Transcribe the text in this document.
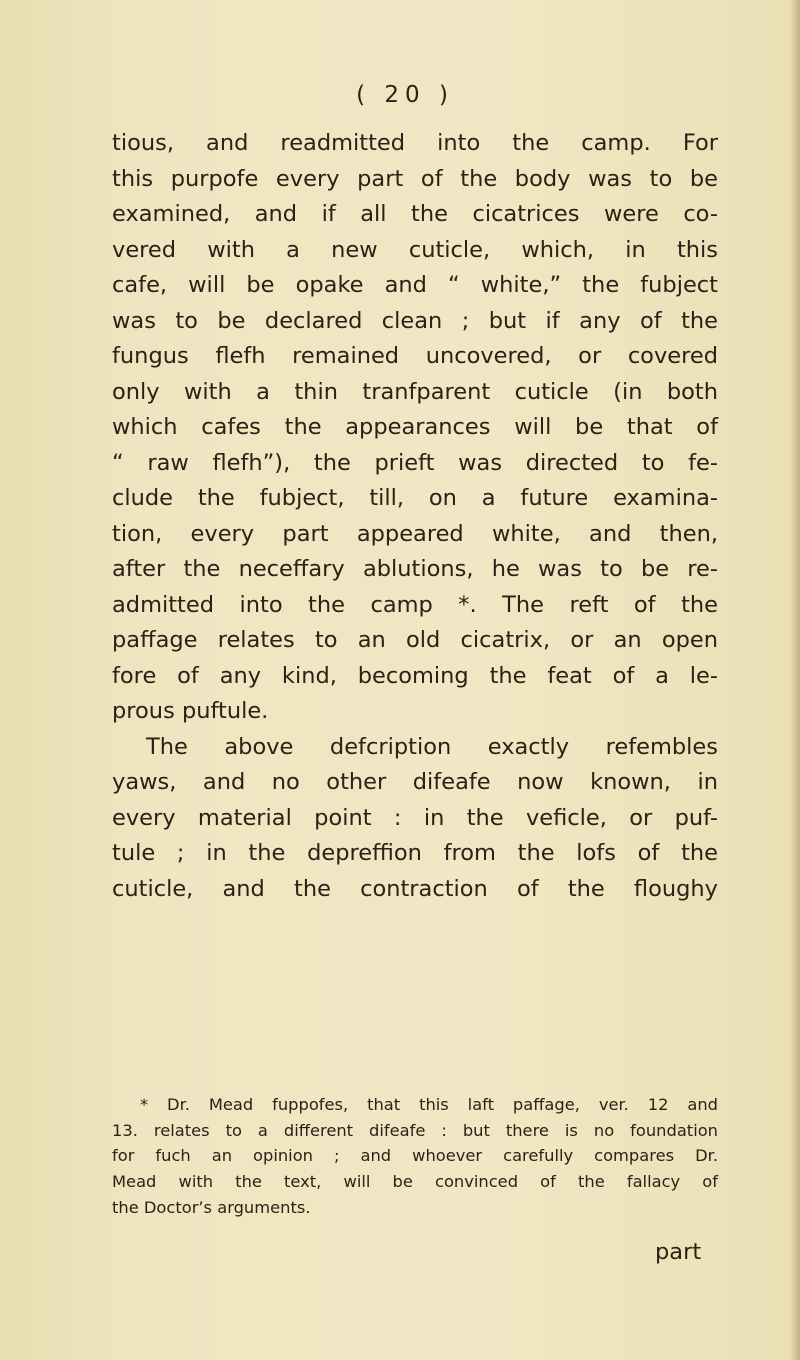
( 20 )
tious, and readmitted into the camp. For
this purpofe every part of the body was to be
examined, and if all the cicatrices were co-
vered with a new cuticle, which, in this
cafe, will be opake and “ white,” the fubject
was to be declared clean ; but if any of the
fungus flefh remained uncovered, or covered
only with a thin tranfparent cuticle (in both
which cafes the appearances will be that of
“ raw flefh”), the prieft was directed to fe-
clude the fubject, till, on a future examina-
tion, every part appeared white, and then,
after the neceffary ablutions, he was to be re-
admitted into the camp *. The reft of the
paffage relates to an old cicatrix, or an open
fore of any kind, becoming the feat of a le-
prous puftule.
The above defcription exactly refembles
yaws, and no other difeafe now known, in
every material point : in the veficle, or puf-
tule ; in the depreffion from the lofs of the
cuticle, and the contraction of the floughy
* Dr. Mead fuppofes, that this laft paffage, ver. 12 and
13. relates to a different difeafe : but there is no foundation
for fuch an opinion ; and whoever carefully compares Dr.
Mead with the text, will be convinced of the fallacy of
the Doctor’s arguments.
part
